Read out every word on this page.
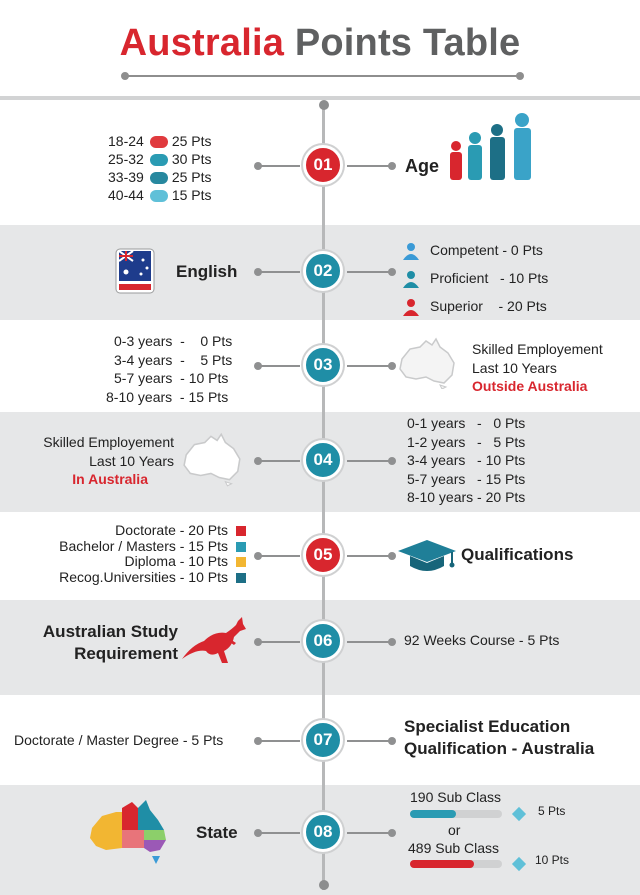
Australia Points Table
18-24 25 Pts
25-32 30 Pts
33-39 25 Pts
40-44 15 Pts
01	Age
English	02
Competent - 0 Pts
Proficient - 10 Pts
Superior - 20 Pts
0-3 years  -    0 Pts
3-4 years  -    5 Pts
5-7 years  - 10 Pts
8-10 years  - 15 Pts
03
Skilled Employement
Last 10 Years
Outside Australia
Skilled Employement
Last 10 Years
In Australia
04
0-1 years   -   0 Pts
1-2 years   -   5 Pts
3-4 years   - 10 Pts
5-7 years   - 15 Pts
8-10 years - 20 Pts
Doctorate - 20 Pts
Bachelor / Masters - 15 Pts
Diploma - 10 Pts
Recog.Universities - 10 Pts
05	Qualifications
Australian Study
Requirement
06	92 Weeks Course - 5 Pts
Doctorate / Master Degree - 5 Pts	07
Specialist Education
Qualification - Australia
State	08
190 Sub Class
5 Pts
or
489 Sub Class
10 Pts
